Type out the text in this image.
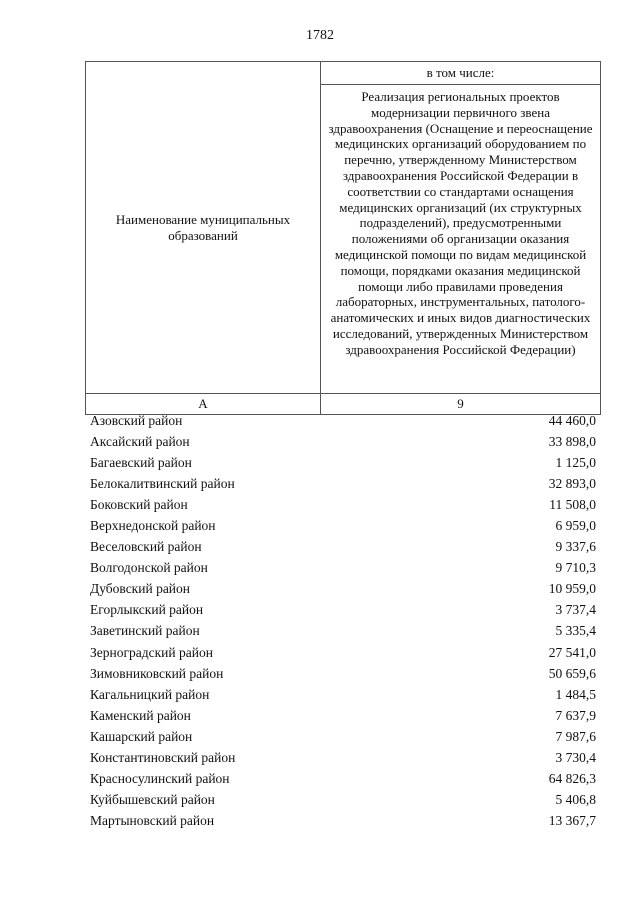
1782
Наименование муниципальных образований	в том числе:
	Реализация региональных проектов модернизации первичного звена здравоохранения (Оснащение и переоснащение медицинских организаций оборудованием по перечню, утвержденному Министерством здравоохранения Российской Федерации в соответствии со стандартами оснащения медицинских организаций (их структурных подразделений), предусмотренными положениями об организации оказания медицинской помощи по видам медицинской помощи, порядками оказания медицинской помощи либо правилами проведения лабораторных, инструментальных, патолого-анатомических и иных видов диагностических исследований, утвержденных Министерством здравоохранения Российской Федерации)
А	9
Азовский район	44 460,0
Аксайский район	33 898,0
Багаевский район	1 125,0
Белокалитвинский район	32 893,0
Боковский район	11 508,0
Верхнедонской район	6 959,0
Веселовский район	9 337,6
Волгодонской район	9 710,3
Дубовский район	10 959,0
Егорлыкский район	3 737,4
Заветинский район	5 335,4
Зерноградский район	27 541,0
Зимовниковский район	50 659,6
Кагальницкий район	1 484,5
Каменский район	7 637,9
Кашарский район	7 987,6
Константиновский район	3 730,4
Красносулинский район	64 826,3
Куйбышевский район	5 406,8
Мартыновский район	13 367,7
